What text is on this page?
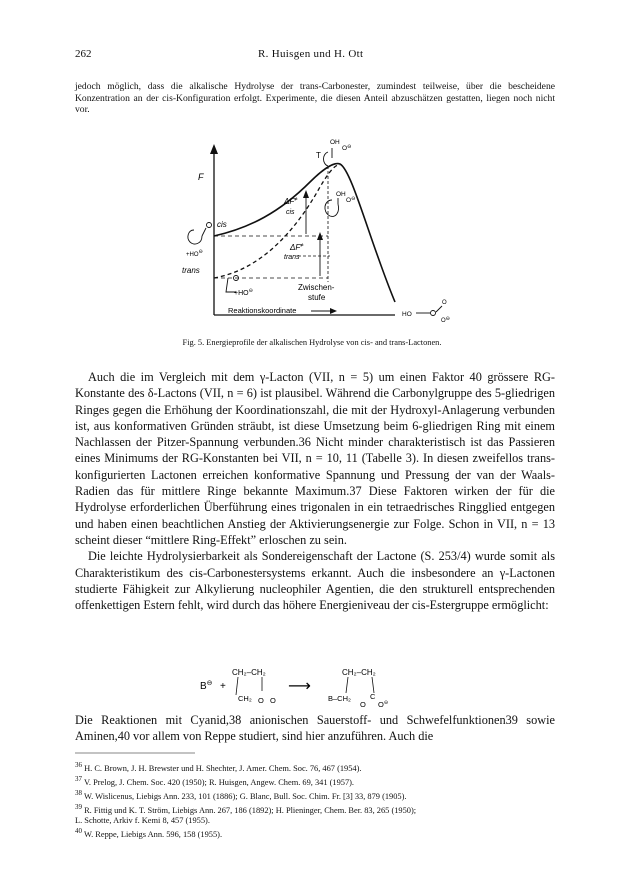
262	R. Huisgen und H. Ott
jedoch möglich, dass die alkalische Hydrolyse der trans-Carbonester, zumindest teilweise, über die bescheidene Konzentration an der cis-Konfiguration erfolgt. Experimente, die diesen Anteil abzuschätzen gestatten, liegen noch nicht vor.
F
ΔF≠
cis
ΔF≠
trans
T
cis
trans
+HO⊖
+HO⊖	Zwischen-
stufe
Reaktionskoordinate
OH
O⊖
OH
O⊖
HO
O
O⊖
Fig. 5. Energieprofile der alkalischen Hydrolyse von cis- and trans-Lactonen.

Auch die im Vergleich mit dem γ-Lacton (VII, n = 5) um einen Faktor 40 grössere RG-Konstante des δ-Lactons (VII, n = 6) ist plausibel. Während die Carbonylgruppe des 5-gliedrigen Ringes gegen die Erhöhung der Koordinationszahl, die mit der Hydroxyl-Anlagerung verbunden ist, aus konformativen Gründen sträubt, ist diese Umsetzung beim 6-gliedrigen Ring mit einem Nachlassen der Pitzer-Spannung verbunden.36 Nicht minder charakteristisch ist das Passieren eines Minimums der RG-Konstanten bei VII, n = 10, 11 (Tabelle 3). In diesen zweifellos trans-konfigurierten Lactonen erreichen konformative Spannung und Pressung der van der Waals-Radien das für mittlere Ringe bekannte Maximum.37 Diese Faktoren wirken der für die Hydrolyse erforderlichen Überführung eines trigonalen in ein tetraedrisches Ringglied entgegen und haben einen beachtlichen Anstieg der Aktivierungsenergie zur Folge. Schon in VII, n = 13 scheint dieser “mittlere Ring-Effekt” erloschen zu sein.

Die leichte Hydrolysierbarkeit als Sondereigenschaft der Lactone (S. 253/4) wurde somit als Charakteristikum des cis-Carbonestersystems erkannt. Auch die insbesondere an γ-Lactonen studierte Fähigkeit zur Alkylierung nucleophiler Agentien, die den strukturell entsprechenden offenkettigen Estern fehlt, wird durch das höhere Energieniveau der cis-Estergruppe ermöglicht:

B⊖ +
CH₂–CH₂
CH₂ O O
⟶
CH₂–CH₂
B–CH₂	C
O O⊖

Die Reaktionen mit Cyanid,38 anionischen Sauerstoff- und Schwefelfunktionen39 sowie Aminen,40 vor allem von Reppe studiert, sind hier anzuführen. Auch die

$^{36}$ H. C. Brown, J. H. Brewster und H. Shechter, J. Amer. Chem. Soc. 76, 467 (1954).
$^{37}$ V. Prelog, J. Chem. Soc. 420 (1950); R. Huisgen, Angew. Chem. 69, 341 (1957).
$^{38}$ W. Wislicenus, Liebigs Ann. 233, 101 (1886); G. Blanc, Bull. Soc. Chim. Fr. [3] 33, 879 (1905).
$^{39}$ R. Fittig und K. T. Ström, Liebigs Ann. 267, 186 (1892); H. Plieninger, Chem. Ber. 83, 265 (1950);
L. Schotte, Arkiv f. Kemi 8, 457 (1955).
$^{40}$ W. Reppe, Liebigs Ann. 596, 158 (1955).
